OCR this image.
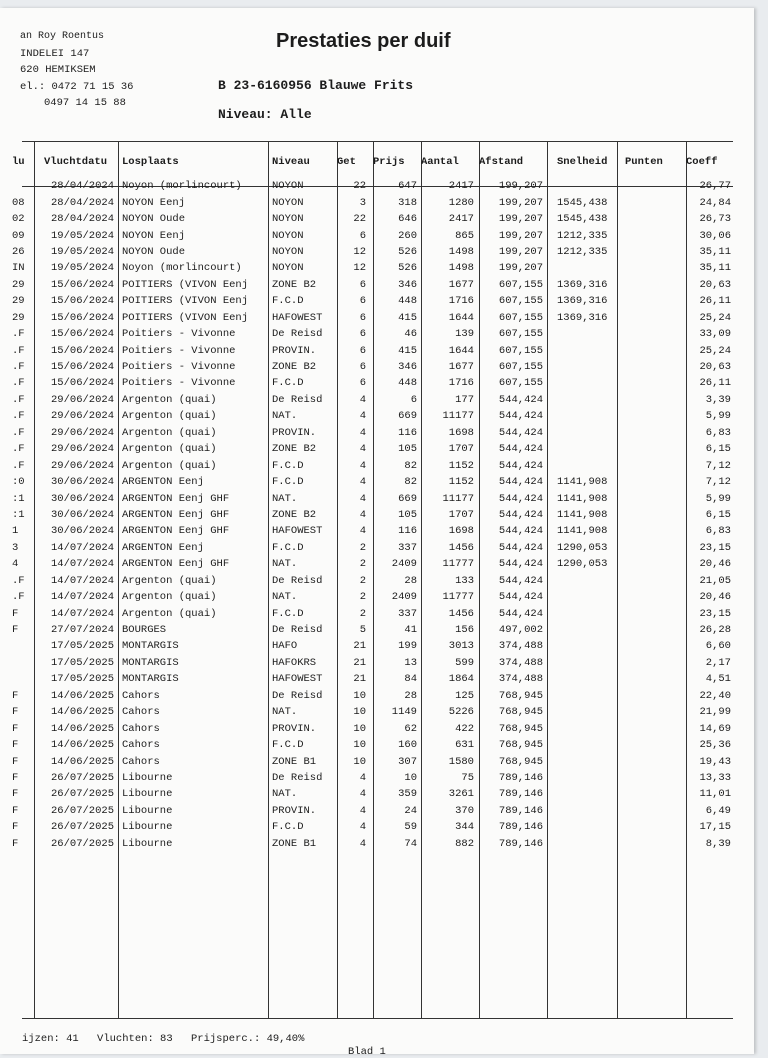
an Roy Roentus
INDELEI 147
620 HEMIKSEM
el.: 0472 71 15 36
0497 14 15 88
Prestaties per duif
B 23-6160956 Blauwe Frits
Niveau: Alle
lu	Vluchtdatu	Losplaats	Niveau	Get	Prijs	Aantal	Afstand	Snelheid	Punten	Coeff
	28/04/2024	Noyon (morlincourt)	NOYON	22	647	2417	199,207			26,77
08	28/04/2024	NOYON Eenj	NOYON	3	318	1280	199,207	1545,438		24,84
02	28/04/2024	NOYON Oude	NOYON	22	646	2417	199,207	1545,438		26,73
09	19/05/2024	NOYON Eenj	NOYON	6	260	865	199,207	1212,335		30,06
26	19/05/2024	NOYON Oude	NOYON	12	526	1498	199,207	1212,335		35,11
IN	19/05/2024	Noyon (morlincourt)	NOYON	12	526	1498	199,207			35,11
29	15/06/2024	POITIERS (VIVON Eenj	ZONE B2	6	346	1677	607,155	1369,316		20,63
29	15/06/2024	POITIERS (VIVON Eenj	F.C.D	6	448	1716	607,155	1369,316		26,11
29	15/06/2024	POITIERS (VIVON Eenj	HAFOWEST	6	415	1644	607,155	1369,316		25,24
.F	15/06/2024	Poitiers - Vivonne	De Reisd	6	46	139	607,155			33,09
.F	15/06/2024	Poitiers - Vivonne	PROVIN.	6	415	1644	607,155			25,24
.F	15/06/2024	Poitiers - Vivonne	ZONE B2	6	346	1677	607,155			20,63
.F	15/06/2024	Poitiers - Vivonne	F.C.D	6	448	1716	607,155			26,11
.F	29/06/2024	Argenton (quai)	De Reisd	4	6	177	544,424			3,39
.F	29/06/2024	Argenton (quai)	NAT.	4	669	11177	544,424			5,99
.F	29/06/2024	Argenton (quai)	PROVIN.	4	116	1698	544,424			6,83
.F	29/06/2024	Argenton (quai)	ZONE B2	4	105	1707	544,424			6,15
.F	29/06/2024	Argenton (quai)	F.C.D	4	82	1152	544,424			7,12
:0	30/06/2024	ARGENTON Eenj	F.C.D	4	82	1152	544,424	1141,908		7,12
:1	30/06/2024	ARGENTON Eenj GHF	NAT.	4	669	11177	544,424	1141,908		5,99
:1	30/06/2024	ARGENTON Eenj GHF	ZONE B2	4	105	1707	544,424	1141,908		6,15
1	30/06/2024	ARGENTON Eenj GHF	HAFOWEST	4	116	1698	544,424	1141,908		6,83
3	14/07/2024	ARGENTON Eenj	F.C.D	2	337	1456	544,424	1290,053		23,15
4	14/07/2024	ARGENTON Eenj GHF	NAT.	2	2409	11777	544,424	1290,053		20,46
.F	14/07/2024	Argenton (quai)	De Reisd	2	28	133	544,424			21,05
.F	14/07/2024	Argenton (quai)	NAT.	2	2409	11777	544,424			20,46
F	14/07/2024	Argenton (quai)	F.C.D	2	337	1456	544,424			23,15
F	27/07/2024	BOURGES	De Reisd	5	41	156	497,002			26,28
	17/05/2025	MONTARGIS	HAFO	21	199	3013	374,488			6,60
	17/05/2025	MONTARGIS	HAFOKRS	21	13	599	374,488			2,17
	17/05/2025	MONTARGIS	HAFOWEST	21	84	1864	374,488			4,51
F	14/06/2025	Cahors	De Reisd	10	28	125	768,945			22,40
F	14/06/2025	Cahors	NAT.	10	1149	5226	768,945			21,99
F	14/06/2025	Cahors	PROVIN.	10	62	422	768,945			14,69
F	14/06/2025	Cahors	F.C.D	10	160	631	768,945			25,36
F	14/06/2025	Cahors	ZONE B1	10	307	1580	768,945			19,43
F	26/07/2025	Libourne	De Reisd	4	10	75	789,146			13,33
F	26/07/2025	Libourne	NAT.	4	359	3261	789,146			11,01
F	26/07/2025	Libourne	PROVIN.	4	24	370	789,146			6,49
F	26/07/2025	Libourne	F.C.D	4	59	344	789,146			17,15
F	26/07/2025	Libourne	ZONE B1	4	74	882	789,146			8,39
ijzen: 41 Vluchten: 83 Prijsperc.: 49,40%
Blad 1
